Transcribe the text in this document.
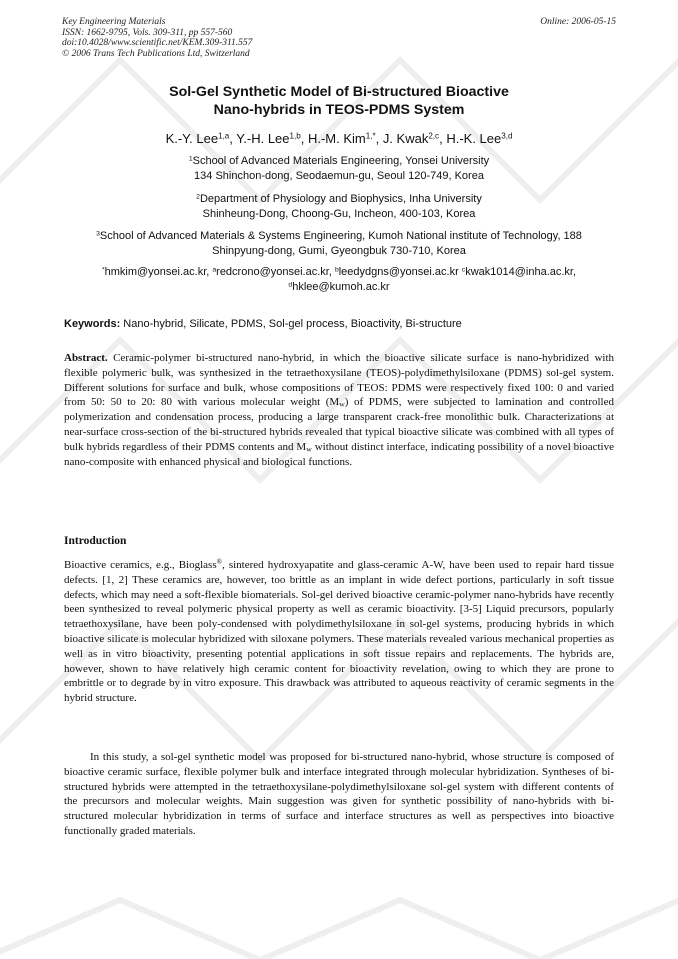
Key Engineering Materials
ISSN: 1662-9795, Vols. 309-311, pp 557-560
doi:10.4028/www.scientific.net/KEM.309-311.557
© 2006 Trans Tech Publications Ltd, Switzerland
Online: 2006-05-15
Sol-Gel Synthetic Model of Bi-structured Bioactive
Nano-hybrids in TEOS-PDMS System
K.-Y. Lee$^{1,a}$, Y.-H. Lee$^{1,b}$, H.-M. Kim$^{1,*}$, J. Kwak$^{2,c}$, H.-K. Lee$^{3,d}$
$^1$School of Advanced Materials Engineering, Yonsei University
134 Shinchon-dong, Seodaemun-gu, Seoul 120-749, Korea
$^2$Department of Physiology and Biophysics, Inha University
Shinheung-Dong, Choong-Gu, Incheon, 400-103, Korea
$^3$School of Advanced Materials & Systems Engineering, Kumoh National institute of Technology, 188
Shinpyung-dong, Gumi, Gyeongbuk 730-710, Korea
*hmkim@yonsei.ac.kr, $^a$redcrono@yonsei.ac.kr, $^b$leedydgns@yonsei.ac.kr $^c$kwak1014@inha.ac.kr,
$^d$hklee@kumoh.ac.kr
Keywords: Nano-hybrid, Silicate, PDMS, Sol-gel process, Bioactivity, Bi-structure

Abstract. Ceramic-polymer bi-structured nano-hybrid, in which the bioactive silicate surface is nano-hybridized with flexible polymeric bulk, was synthesized in the tetraethoxysilane (TEOS)-polydimethylsiloxane (PDMS) sol-gel system. Different solutions for surface and bulk, whose compositions of TEOS: PDMS were respectively fixed 100: 0 and varied from 50: 50 to 20: 80 with various molecular weight $(M_w)$ of PDMS, were subjected to lamination and controlled polymerization and condensation process, producing a large transparent crack-free monolithic bulk. Characterizations at near-surface cross-section of the bi-structured hybrids revealed that typical bioactive silicate was combined with all types of bulk hybrids regardless of their PDMS contents and $M_w$ without distinct interface, indicating possibility of a novel bioactive nano-composite with enhanced physical and biological functions.

Introduction

Bioactive ceramics, e.g., Bioglass®, sintered hydroxyapatite and glass-ceramic A-W, have been used to repair hard tissue defects. [1, 2] These ceramics are, however, too brittle as an implant in wide defect portions, particularly in soft tissue defects, which may need a soft-flexible biomaterials. Sol-gel derived bioactive ceramic-polymer nano-hybrids have recently been synthesized to reveal polymeric physical property as well as ceramic bioactivity. [3-5] Liquid precursors, popularly tetraethoxysilane, have been poly-condensed with polydimethylsiloxane in sol-gel systems, producing hybrids in which bioactive silicate is molecular hybridized with siloxane polymers. These materials revealed various mechanical properties as well as in vitro bioactivity, presenting potential applications in soft tissue repairs and replacements. The hybrids are, however, shown to have relatively high ceramic content for bioactivity revelation, owing to which they are prone to embrittle or to degrade by in vitro exposure. This drawback was attributed to aqueous reactivity of ceramic segments in the hybrid structure.

In this study, a sol-gel synthetic model was proposed for bi-structured nano-hybrid, whose structure is composed of bioactive ceramic surface, flexible polymer bulk and interface integrated through molecular hybridization. Syntheses of bi-structured hybrids were attempted in the tetraethoxysilane-polydimethylsiloxane sol-gel system with different contents of the precursors and molecular weights. Main suggestion was given for synthetic possibility of nano-hybrids with bi-structured molecular hybridization in terms of surface and interface structures as well as perspectives into bioactive functionally graded materials.
